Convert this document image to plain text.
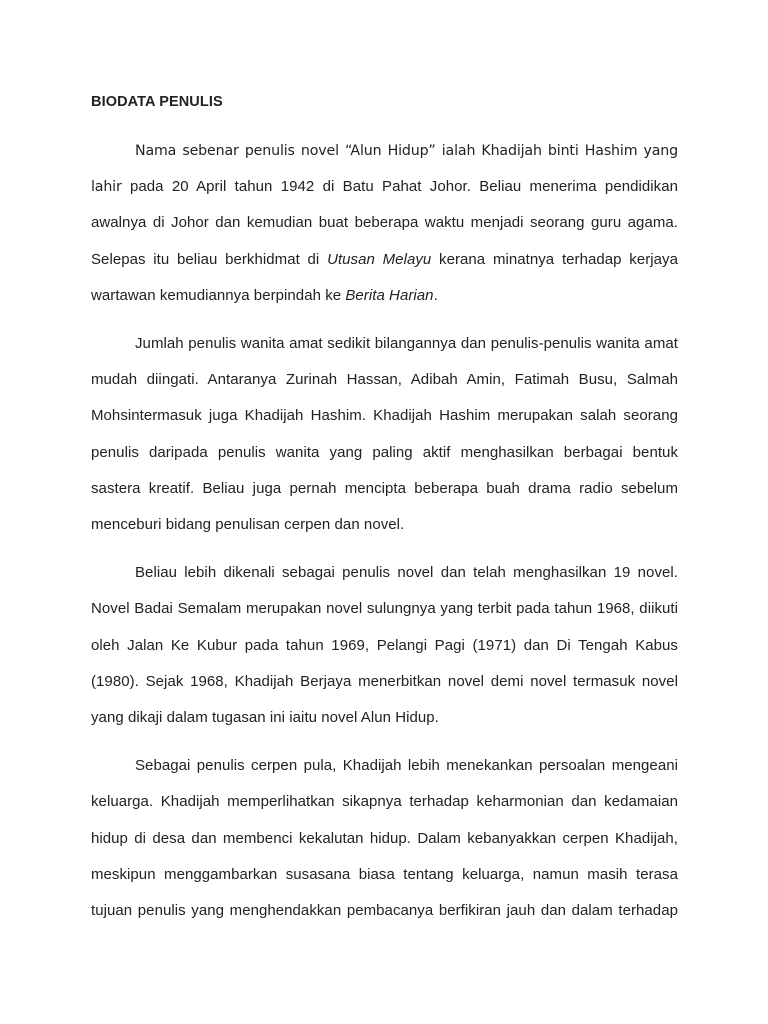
BIODATA PENULIS

Nama sebenar penulis novel “Alun Hidup” ialah Khadijah binti Hashim yang lahir pada 20 April tahun 1942 di Batu Pahat Johor. Beliau menerima pendidikan awalnya di Johor dan kemudian buat beberapa waktu menjadi seorang guru agama. Selepas itu beliau berkhidmat di Utusan Melayu kerana minatnya terhadap kerjaya wartawan kemudiannya berpindah ke Berita Harian.

Jumlah penulis wanita amat sedikit bilangannya dan penulis-penulis wanita amat mudah diingati. Antaranya Zurinah Hassan, Adibah Amin, Fatimah Busu, Salmah Mohsintermasuk juga Khadijah Hashim. Khadijah Hashim merupakan salah seorang penulis daripada penulis wanita yang paling aktif menghasilkan berbagai bentuk sastera kreatif. Beliau juga pernah mencipta beberapa buah drama radio sebelum menceburi bidang penulisan cerpen dan novel.

Beliau lebih dikenali sebagai penulis novel dan telah menghasilkan 19 novel. Novel Badai Semalam merupakan novel sulungnya yang terbit pada tahun 1968, diikuti oleh Jalan Ke Kubur pada tahun 1969, Pelangi Pagi (1971) dan Di Tengah Kabus (1980). Sejak 1968, Khadijah Berjaya menerbitkan novel demi novel termasuk novel yang dikaji dalam tugasan ini iaitu novel Alun Hidup.

Sebagai penulis cerpen pula, Khadijah lebih menekankan persoalan mengeani keluarga. Khadijah memperlihatkan sikapnya terhadap keharmonian dan kedamaian hidup di desa dan membenci kekalutan hidup. Dalam kebanyakkan cerpen Khadijah, meskipun menggambarkan susasana biasa tentang keluarga, namun masih terasa tujuan penulis yang menghendakkan pembacanya berfikiran jauh dan dalam terhadap
